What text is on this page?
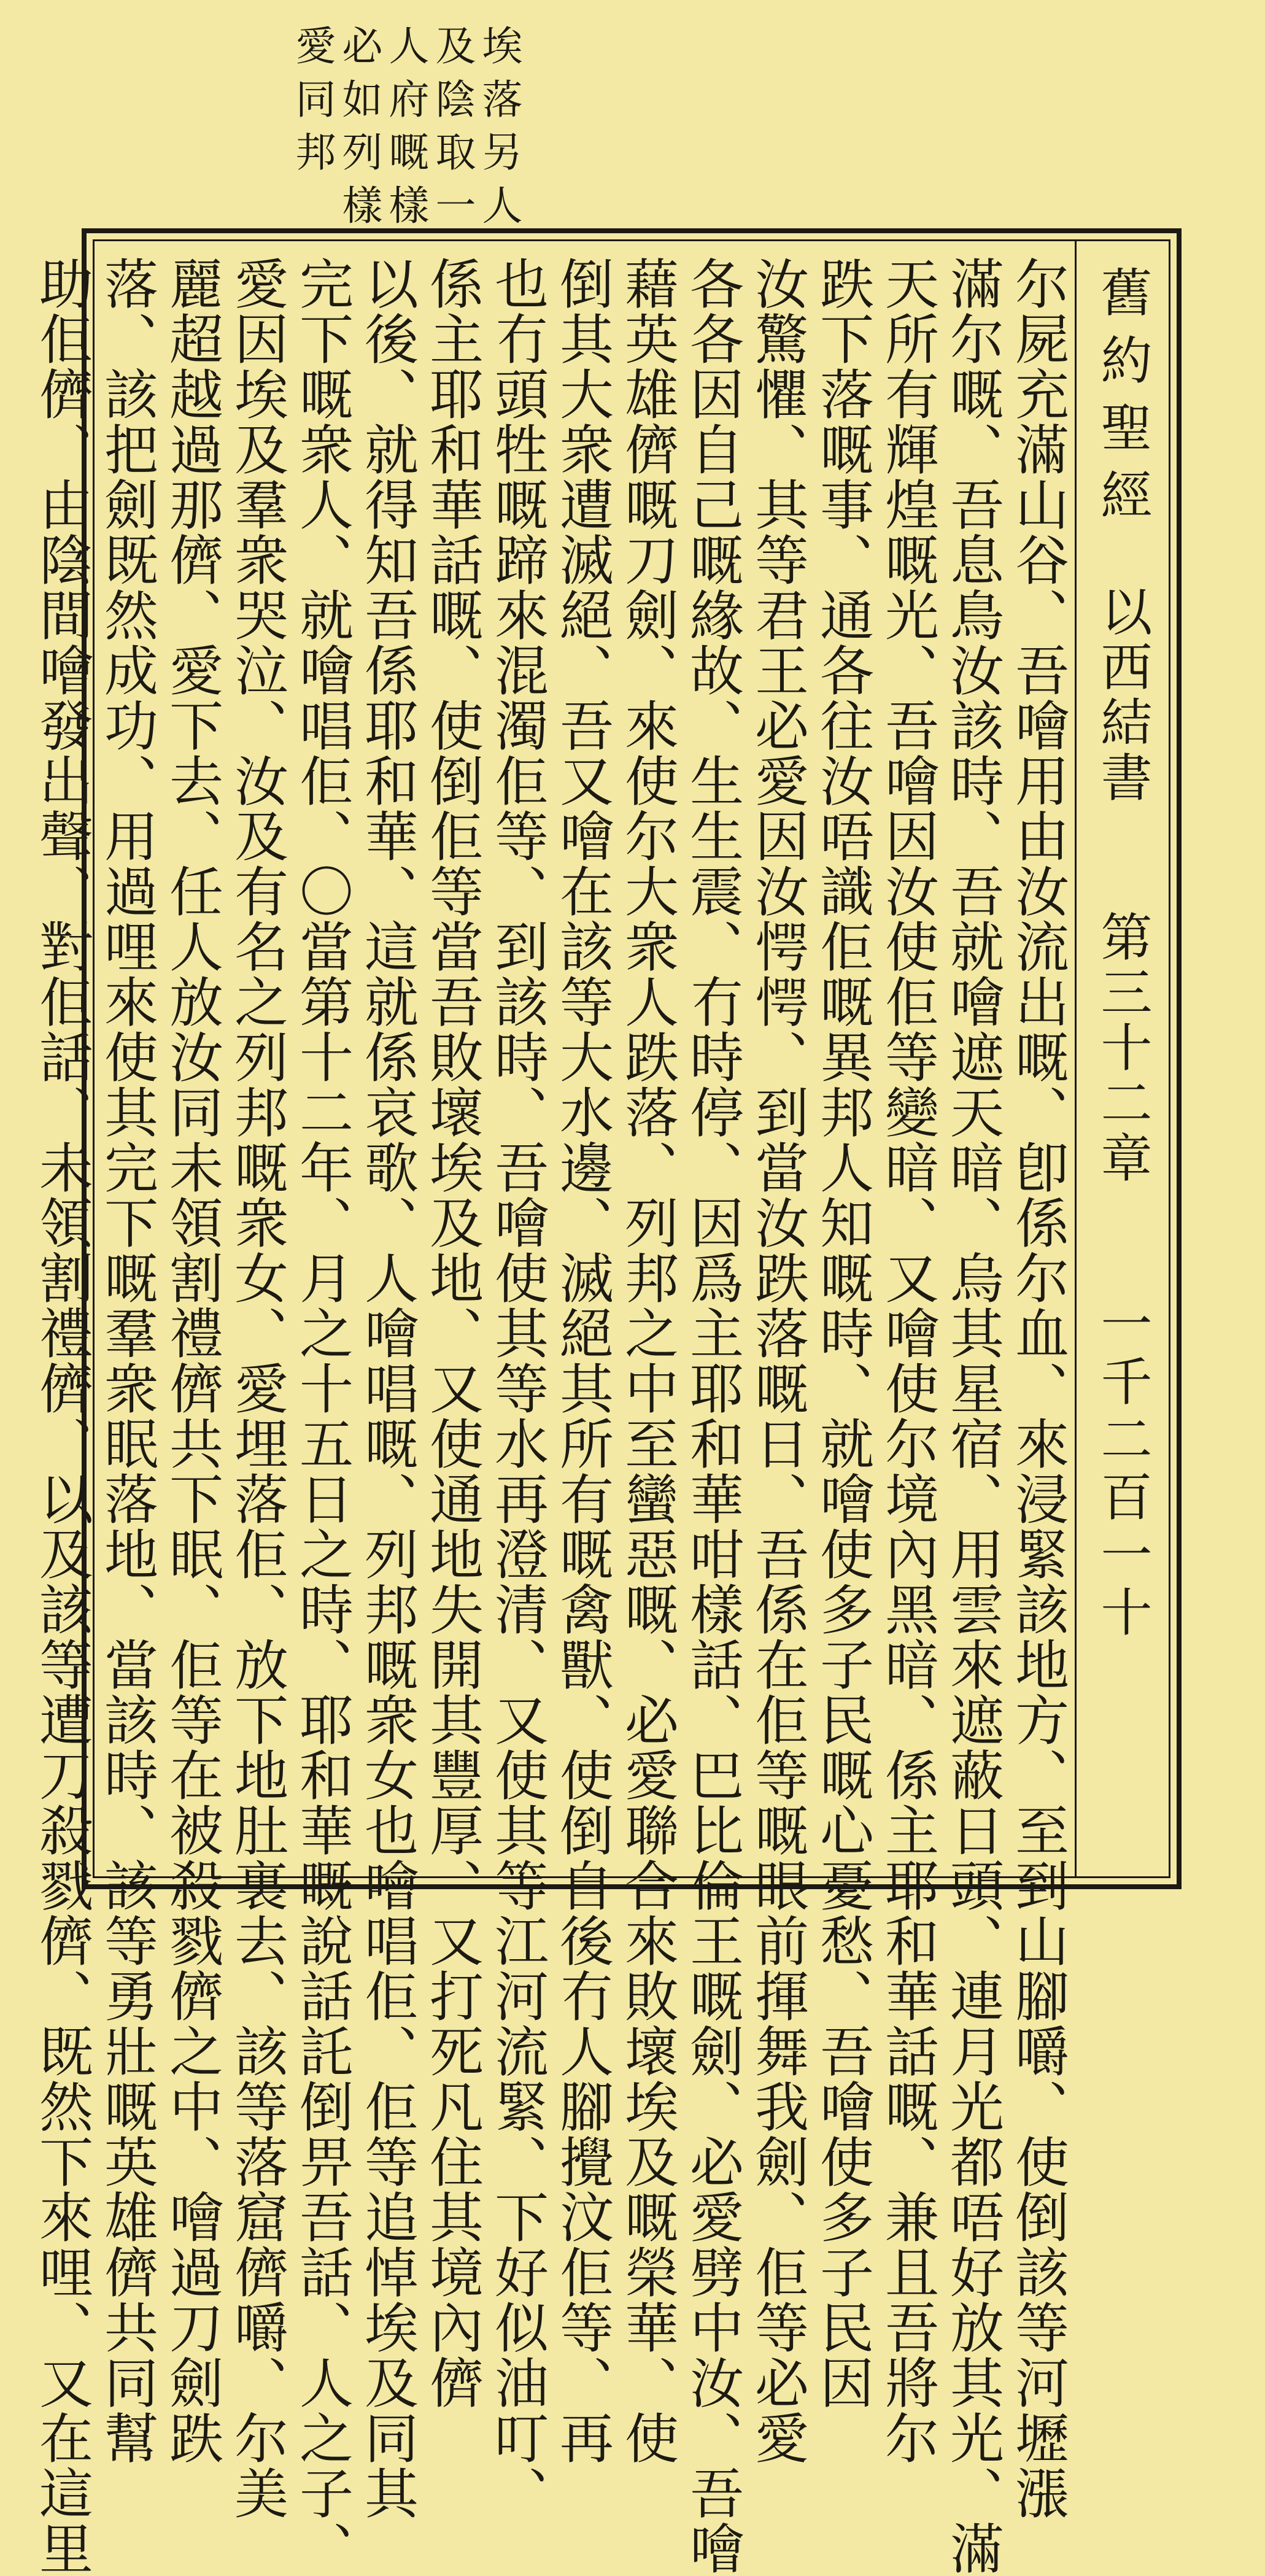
埃及人必愛
落陰府如同
另取嘅列邦
人一樣樣
舊約聖經
以西結書
第三十二章
一千二百一十
尔屍充滿山谷、吾噲用由汝流出嘅、卽係尔血、來浸緊該地方、至到山腳嚼、使倒該等河壢漲
滿尔嘅、吾息鳥汝該時、吾就噲遮天暗、烏其星宿、用雲來遮蔽日頭、連月光都唔好放其光、滿
天所有輝煌嘅光、吾噲因汝使佢等變暗、又噲使尔境內黑暗、係主耶和華話嘅、兼且吾將尔
跌下落嘅事、通各往汝唔識佢嘅異邦人知嘅時、就噲使多子民嘅心憂愁、吾噲使多子民因
汝驚懼、其等君王必愛因汝愕愕、到當汝跌落嘅日、吾係在佢等嘅眼前揮舞我劍、佢等必愛
各各因自己嘅緣故、生生震、冇時停、因爲主耶和華咁樣話、巴比倫王嘅劍、必愛劈中汝、吾噲
藉英雄儕嘅刀劍、來使尔大衆人跌落、列邦之中至蠻惡嘅、必愛聯合來敗壞埃及嘅榮華、使
倒其大衆遭滅絕、吾又噲在該等大水邊、滅絕其所有嘅禽獸、使倒自後冇人腳攪汶佢等、再
也冇頭牲嘅蹄來混濁佢等、到該時、吾噲使其等水再澄清、又使其等江河流緊、下好似油叮、
係主耶和華話嘅、使倒佢等當吾敗壞埃及地、又使通地失開其豐厚、又打死凡住其境內儕
以後、就得知吾係耶和華、這就係哀歌、人噲唱嘅、列邦嘅衆女也噲唱佢、佢等追悼埃及同其
完下嘅衆人、就噲唱佢、〇當第十二年、月之十五日之時、耶和華嘅說話託倒畀吾話、人之子、
愛因埃及羣衆哭泣、汝及有名之列邦嘅衆女、愛埋落佢、放下地肚裏去、該等落窟儕嚼、尔美
麗超越過那儕、愛下去、任人放汝同未領割禮儕共下眠、佢等在被殺戮儕之中、噲過刀劍跌
落、該把劍既然成功、用過哩來使其完下嘅羣衆眠落地、當該時、該等勇壯嘅英雄儕共同幫
助佢儕、由陰間噲發出聲、對佢話、未領割禮儕、以及該等遭刀殺戮儕、既然下來哩、又在這里
